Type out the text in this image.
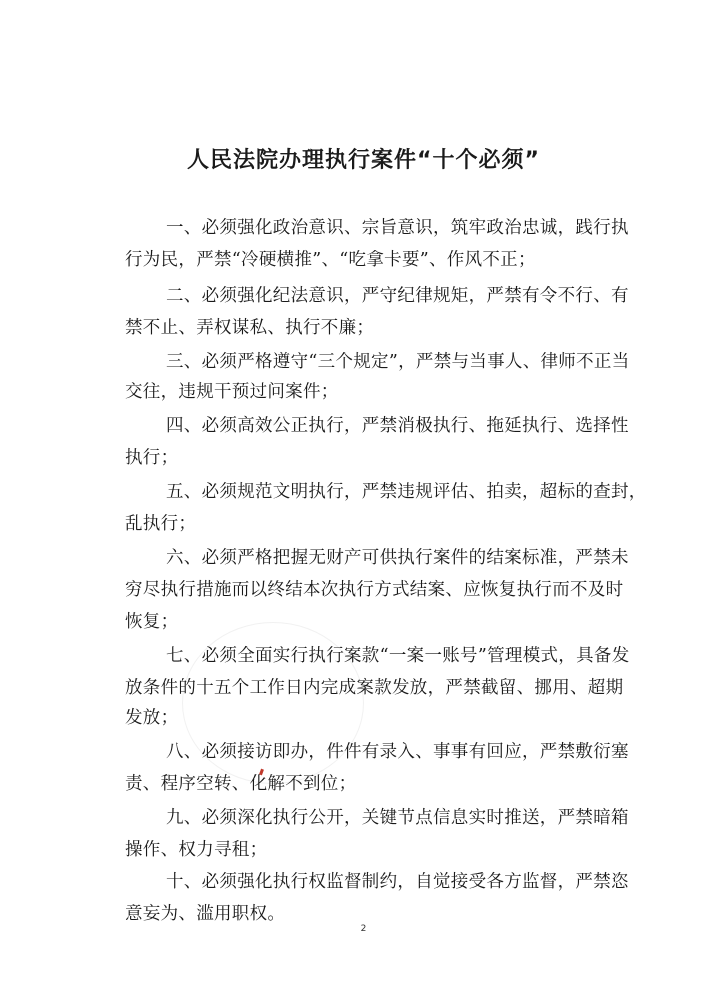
人民法院办理执行案件“十个必须”

一、必须强化政治意识、宗旨意识，筑牢政治忠诚，践行执

行为民，严禁“冷硬横推”、“吃拿卡要”、作风不正；

二、必须强化纪法意识，严守纪律规矩，严禁有令不行、有

禁不止、弄权谋私、执行不廉；

三、必须严格遵守“三个规定”，严禁与当事人、律师不正当

交往，违规干预过问案件；

四、必须高效公正执行，严禁消极执行、拖延执行、选择性

执行；

五、必须规范文明执行，严禁违规评估、拍卖，超标的查封，

乱执行；

六、必须严格把握无财产可供执行案件的结案标准，严禁未

穷尽执行措施而以终结本次执行方式结案、应恢复执行而不及时

恢复；

七、必须全面实行执行案款“一案一账号”管理模式，具备发

放条件的十五个工作日内完成案款发放，严禁截留、挪用、超期

发放；

八、必须接访即办，件件有录入、事事有回应，严禁敷衍塞

责、程序空转、化解不到位；

九、必须深化执行公开，关键节点信息实时推送，严禁暗箱

操作、权力寻租；

十、必须强化执行权监督制约，自觉接受各方监督，严禁恣

意妄为、滥用职权。

2
